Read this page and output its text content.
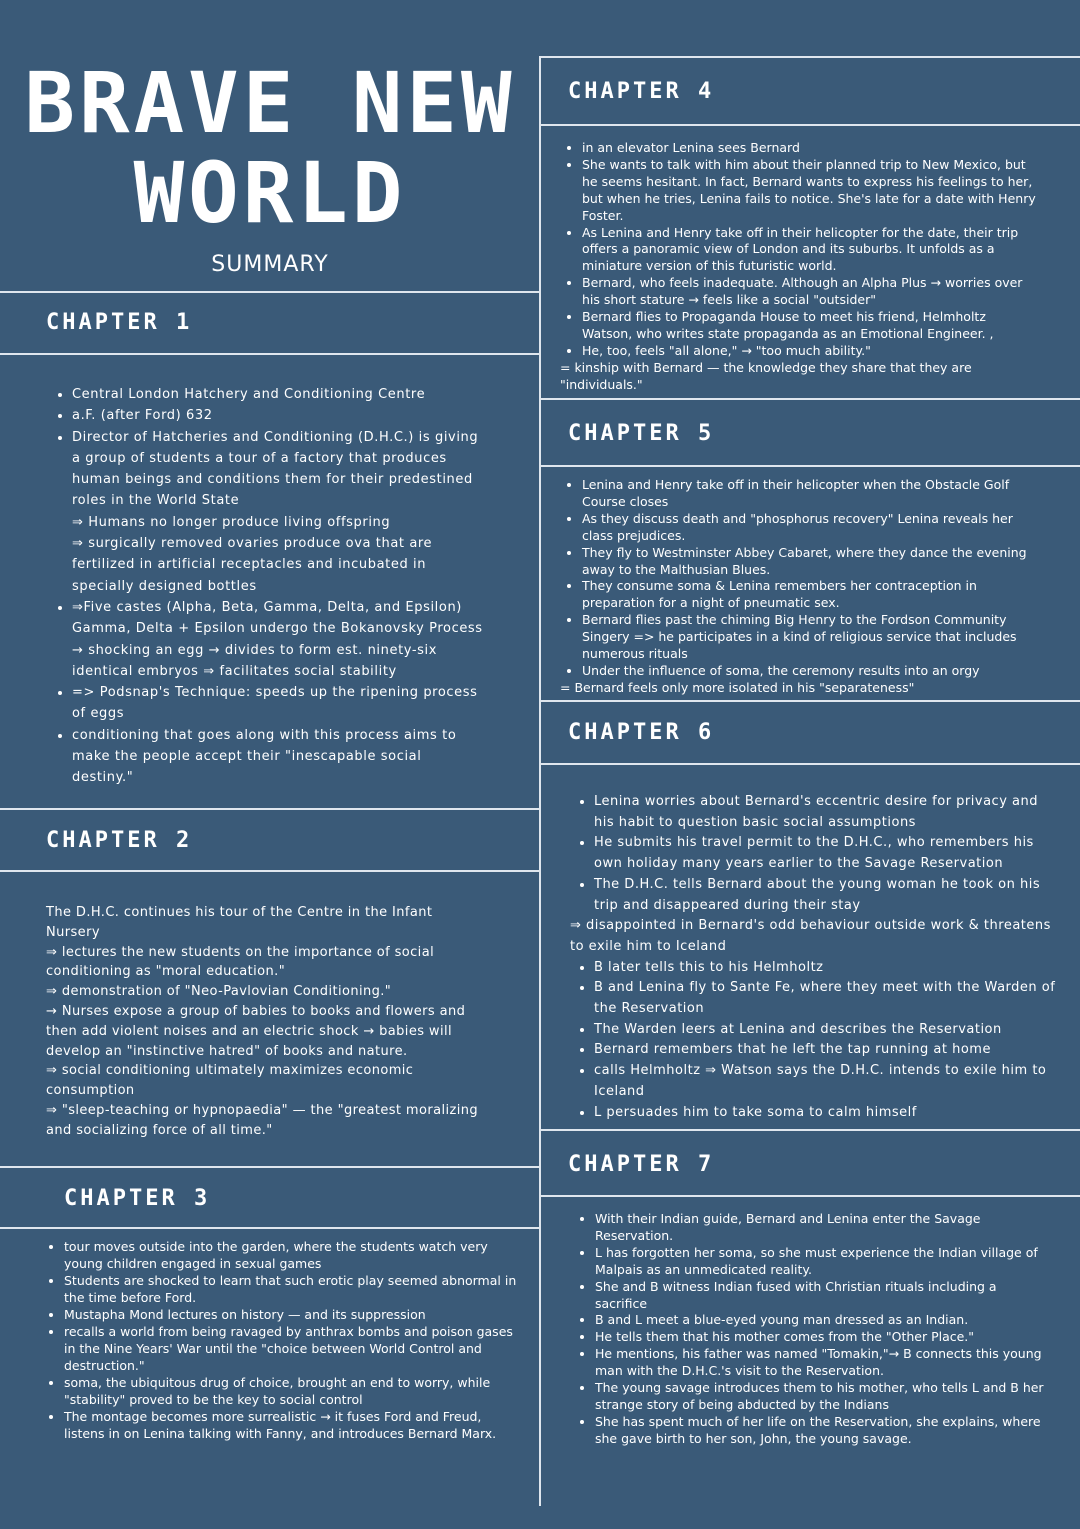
BRAVE NEW
WORLD
SUMMARY
CHAPTER 1
• Central London Hatchery and Conditioning Centre
• a.F. (after Ford) 632
• Director of Hatcheries and Conditioning (D.H.C.) is giving a group of students a tour of a factory that produces human beings and conditions them for their predestined roles in the World State
⇒ Humans no longer produce living offspring
⇒ surgically removed ovaries produce ova that are fertilized in artificial receptacles and incubated in specially designed bottles
• ⇒Five castes (Alpha, Beta, Gamma, Delta, and Epsilon) Gamma, Delta + Epsilon undergo the Bokanovsky Process → shocking an egg → divides to form est. ninety-six identical embryos ⇒ facilitates social stability
• => Podsnap's Technique: speeds up the ripening process of eggs
• conditioning that goes along with this process aims to make the people accept their "inescapable social destiny."
CHAPTER 2
The D.H.C. continues his tour of the Centre in the Infant Nursery
⇒ lectures the new students on the importance of social conditioning as "moral education."
⇒ demonstration of "Neo-Pavlovian Conditioning."
→ Nurses expose a group of babies to books and flowers and then add violent noises and an electric shock → babies will develop an "instinctive hatred" of books and nature.
⇒ social conditioning ultimately maximizes economic consumption
⇒ "sleep-teaching or hypnopaedia" — the "greatest moralizing and socializing force of all time."
CHAPTER 3
• tour moves outside into the garden, where the students watch very young children engaged in sexual games
• Students are shocked to learn that such erotic play seemed abnormal in the time before Ford.
• Mustapha Mond lectures on history — and its suppression
• recalls a world from being ravaged by anthrax bombs and poison gases in the Nine Years' War until the "choice between World Control and destruction."
• soma, the ubiquitous drug of choice, brought an end to worry, while "stability" proved to be the key to social control
• The montage becomes more surrealistic → it fuses Ford and Freud, listens in on Lenina talking with Fanny, and introduces Bernard Marx.
CHAPTER 4
• in an elevator Lenina sees Bernard
• She wants to talk with him about their planned trip to New Mexico, but he seems hesitant. In fact, Bernard wants to express his feelings to her, but when he tries, Lenina fails to notice. She's late for a date with Henry Foster.
• As Lenina and Henry take off in their helicopter for the date, their trip offers a panoramic view of London and its suburbs. It unfolds as a miniature version of this futuristic world.
• Bernard, who feels inadequate. Although an Alpha Plus → worries over his short stature → feels like a social "outsider"
• Bernard flies to Propaganda House to meet his friend, Helmholtz Watson, who writes state propaganda as an Emotional Engineer. ,
• He, too, feels "all alone," → "too much ability."
= kinship with Bernard — the knowledge they share that they are "individuals."
CHAPTER 5
• Lenina and Henry take off in their helicopter when the Obstacle Golf Course closes
• As they discuss death and "phosphorus recovery" Lenina reveals her class prejudices.
• They fly to Westminster Abbey Cabaret, where they dance the evening away to the Malthusian Blues.
• They consume soma & Lenina remembers her contraception in preparation for a night of pneumatic sex.
• Bernard flies past the chiming Big Henry to the Fordson Community Singery => he participates in a kind of religious service that includes numerous rituals
• Under the influence of soma, the ceremony results into an orgy
= Bernard feels only more isolated in his "separateness"
CHAPTER 6
• Lenina worries about Bernard's eccentric desire for privacy and his habit to question basic social assumptions
• He submits his travel permit to the D.H.C., who remembers his own holiday many years earlier to the Savage Reservation
• The D.H.C. tells Bernard about the young woman he took on his trip and disappeared during their stay
⇒ disappointed in Bernard's odd behaviour outside work & threatens to exile him to Iceland
• B later tells this to his Helmholtz
• B and Lenina fly to Sante Fe, where they meet with the Warden of the Reservation
• The Warden leers at Lenina and describes the Reservation
• Bernard remembers that he left the tap running at home
• calls Helmholtz ⇒ Watson says the D.H.C. intends to exile him to Iceland
• L persuades him to take soma to calm himself
CHAPTER 7
• With their Indian guide, Bernard and Lenina enter the Savage Reservation.
• L has forgotten her soma, so she must experience the Indian village of Malpais as an unmedicated reality.
• She and B witness Indian fused with Christian rituals including a sacrifice
• B and L meet a blue-eyed young man dressed as an Indian.
• He tells them that his mother comes from the "Other Place."
• He mentions, his father was named "Tomakin,"→ B connects this young man with the D.H.C.'s visit to the Reservation.
• The young savage introduces them to his mother, who tells L and B her strange story of being abducted by the Indians
• She has spent much of her life on the Reservation, she explains, where she gave birth to her son, John, the young savage.
